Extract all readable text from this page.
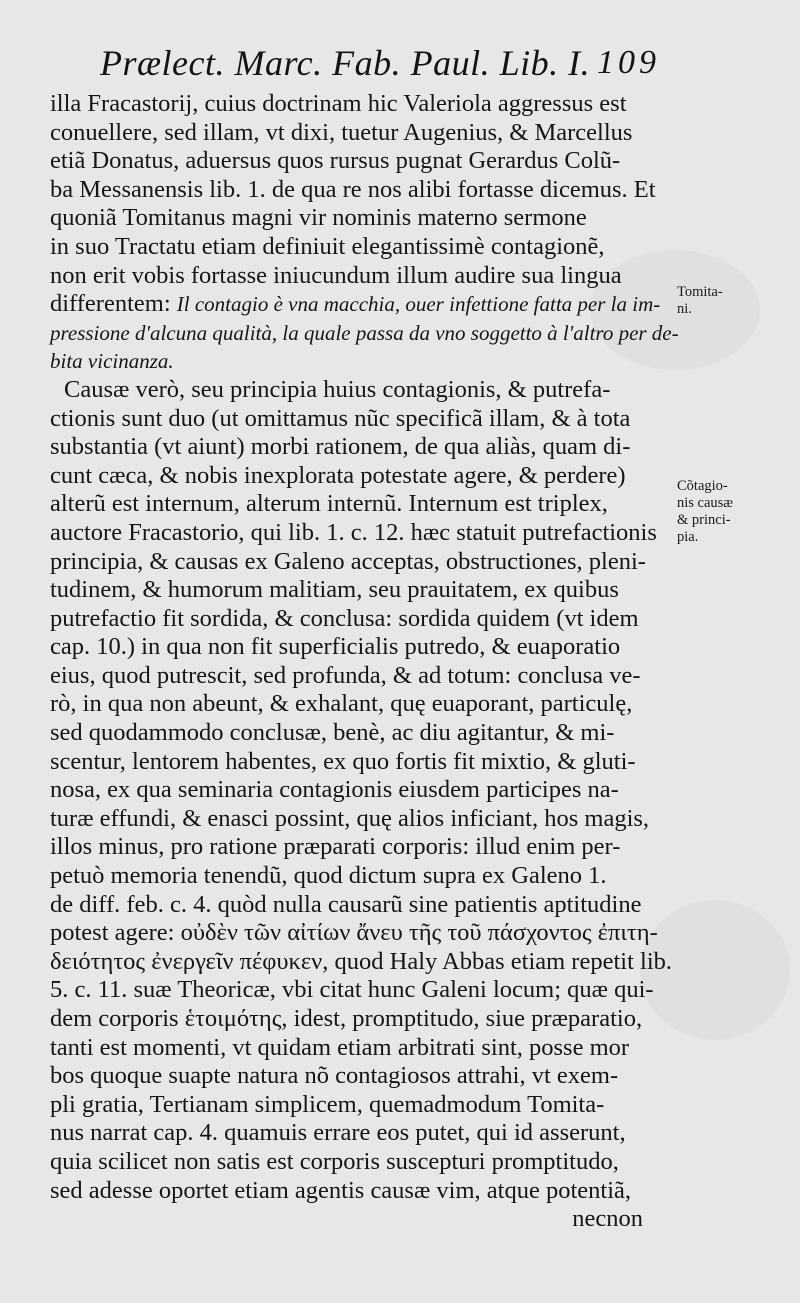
Prælect. Marc. Fab. Paul. Lib. I. 109
illa Fracastorij, cuius doctrinam hic Valeriola aggressus est
conuellere, sed illam, vt dixi, tuetur Augenius, & Marcellus
etiã Donatus, aduersus quos rursus pugnat Gerardus Colũ-
ba Messanensis lib. 1. de qua re nos alibi fortasse dicemus. Et
quoniã Tomitanus magni vir nominis materno sermone
in suo Tractatu etiam definiuit elegantissimè contagionẽ,
non erit vobis fortasse iniucundum illum audire sua lingua
differentem: Il contagio è vna macchia, ouer infettione fatta per la im-
pressione d'alcuna qualità, la quale passa da vno soggetto à l'altro per de-
bita vicinanza.
Causæ verò, seu principia huius contagionis, & putrefa-
ctionis sunt duo (ut omittamus nũc specificã illam, & à tota
substantia (vt aiunt) morbi rationem, de qua aliàs, quam di-
cunt cæca, & nobis inexplorata potestate agere, & perdere)
alterũ est internum, alterum internũ. Internum est triplex,
auctore Fracastorio, qui lib. 1. c. 12. hæc statuit putrefactionis
principia, & causas ex Galeno acceptas, obstructiones, pleni-
tudinem, & humorum malitiam, seu prauitatem, ex quibus
putrefactio fit sordida, & conclusa: sordida quidem (vt idem
cap. 10.) in qua non fit superficialis putredo, & euaporatio
eius, quod putrescit, sed profunda, & ad totum: conclusa ve-
rò, in qua non abeunt, & exhalant, quę euaporant, particulę,
sed quodammodo conclusæ, benè, ac diu agitantur, & mi-
scentur, lentorem habentes, ex quo fortis fit mixtio, & gluti-
nosa, ex qua seminaria contagionis eiusdem participes na-
turæ effundi, & enasci possint, quę alios inficiant, hos magis,
illos minus, pro ratione præparati corporis: illud enim per-
petuò memoria tenendũ, quod dictum supra ex Galeno 1.
de diff. feb. c. 4. quòd nulla causarũ sine patientis aptitudine
potest agere: οὐδὲν τῶν αἰτίων ἄνευ τῆς τοῦ πάσχοντος ἐπιτη-
δειότητος ἐνεργεῖν πέφυκεν, quod Haly Abbas etiam repetit lib.
5. c. 11. suæ Theoricæ, vbi citat hunc Galeni locum; quæ qui-
dem corporis ἑτοιμότης, idest, promptitudo, siue præparatio,
tanti est momenti, vt quidam etiam arbitrati sint, posse mor
bos quoque suapte natura nõ contagiosos attrahi, vt exem-
pli gratia, Tertianam simplicem, quemadmodum Tomita-
nus narrat cap. 4. quamuis errare eos putet, qui id asserunt,
quia scilicet non satis est corporis suscepturi promptitudo,
sed adesse oportet etiam agentis causæ vim, atque potentiã,
necnon
Tomita-
ni.
Cõtagio-
nis causæ
& princi-
pia.
